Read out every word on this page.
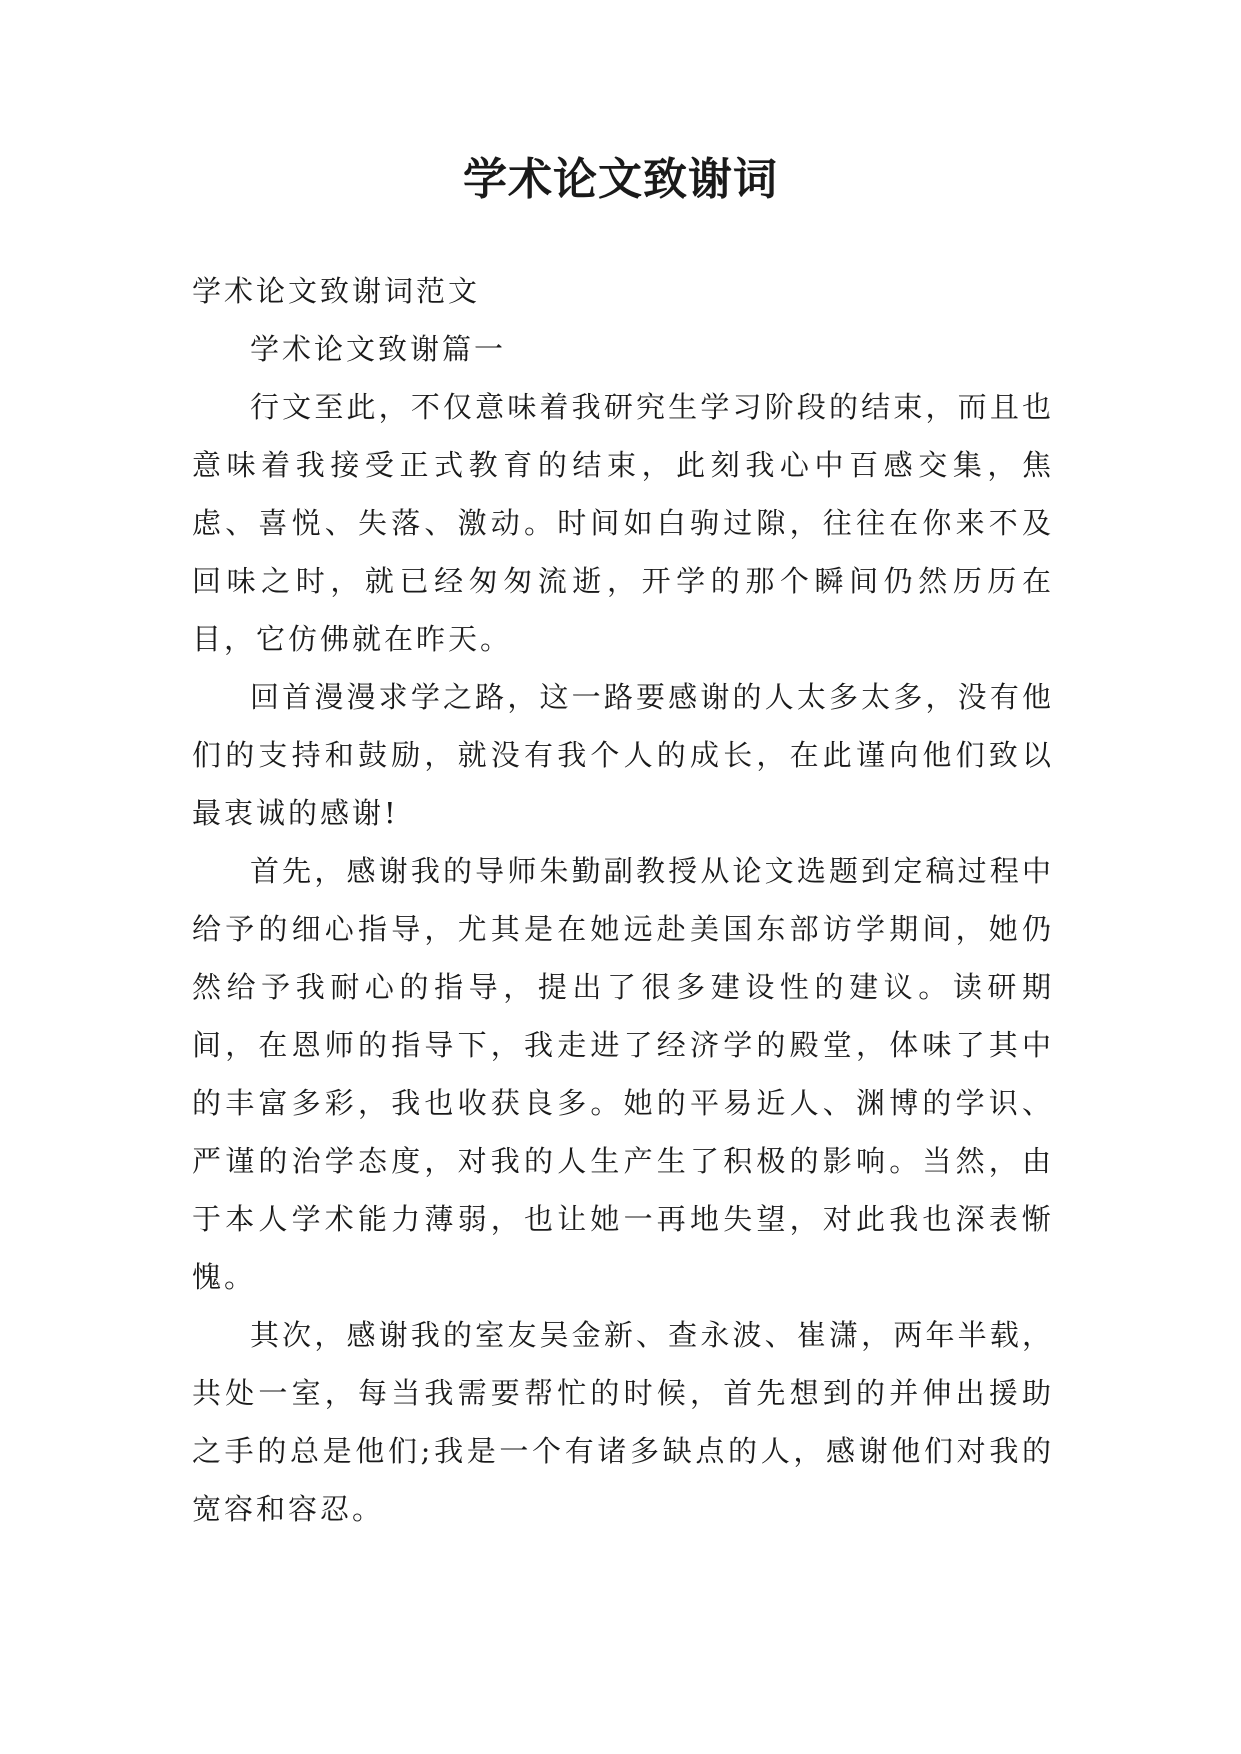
学术论文致谢词

学术论文致谢词范文

学术论文致谢篇一

行文至此，不仅意味着我研究生学习阶段的结束，而且也意味着我接受正式教育的结束，此刻我心中百感交集，焦虑、喜悦、失落、激动。时间如白驹过隙，往往在你来不及回味之时，就已经匆匆流逝，开学的那个瞬间仍然历历在目，它仿佛就在昨天。

回首漫漫求学之路，这一路要感谢的人太多太多，没有他们的支持和鼓励，就没有我个人的成长，在此谨向他们致以最衷诚的感谢!

首先，感谢我的导师朱勤副教授从论文选题到定稿过程中给予的细心指导，尤其是在她远赴美国东部访学期间，她仍然给予我耐心的指导，提出了很多建设性的建议。读研期间，在恩师的指导下，我走进了经济学的殿堂，体味了其中的丰富多彩，我也收获良多。她的平易近人、渊博的学识、严谨的治学态度，对我的人生产生了积极的影响。当然，由于本人学术能力薄弱，也让她一再地失望，对此我也深表惭愧。

其次，感谢我的室友吴金新、查永波、崔潇，两年半载，共处一室，每当我需要帮忙的时候，首先想到的并伸出援助之手的总是他们;我是一个有诸多缺点的人，感谢他们对我的宽容和容忍。
